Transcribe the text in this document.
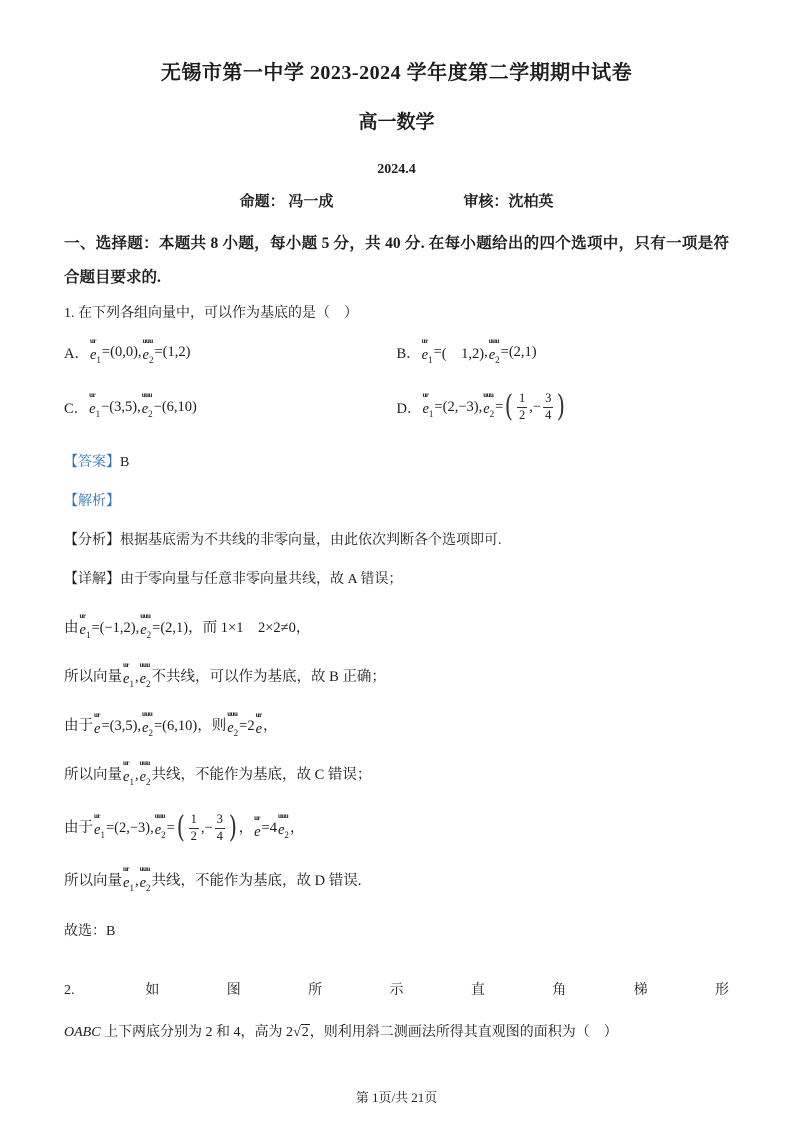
无锡市第一中学 2023-2024 学年度第二学期期中试卷
高一数学
2024.4
命题： 冯一成	审核：沈柏英
一、选择题：本题共 8 小题，每小题 5 分，共 40 分. 在每小题给出的四个选项中，只有一项是符合题目要求的.
1. 在下列各组向量中，可以作为基底的是（　）
A．
ur
$e_1 = (0,0)$ ,
uuu
$e_2 = (1,2)$	B．
ur
$e_1$ = (　1,2) ,
uuu
$e_2 = (2,1)$
C．
ur
$e_1 - (3,5)$ ,
uuu
$e_2 - (6,10)$	D．
ur
$e_1 = (2,-3)$ ,
uuu
$e_2$ = ( $\frac{1}{2}$ ,− $\frac{3}{4}$ )
【答案】B
【解析】
【分析】根据基底需为不共线的非零向量，由此依次判断各个选项即可.
【详解】由于零向量与任意非零向量共线，故 A 错误；
由
ur
$e_1 = (-1,2)$ ,
uuu
$e_2 = (2,1)$ ，而 1×1　2×2≠0，
所以向量
ur
$e_1$ ,
uuu
$e_2$ 不共线，可以作为基底，故 B 正确；
由于
ur
e = (3,5) ,
uuu
$e_2 = (6,10)$ ，则
uuu
$e_2 =2$
ur
e ，
所以向量
ur
$e_1$ ,
uuu
$e_2$ 共线，不能作为基底，故 C 错误；
由于
ur
$e_1 = (2,-3)$ ,
uuu
$e_2$ = ( $\frac{1}{2}$ ,− $\frac{3}{4}$ ) ，
ur
e =4
uuu
$e_2$ ，
所以向量
ur
$e_1$ ,
uuu
$e_2$ 共线，不能作为基底，故 D 错误.
故选：B
2. 如图所示直角梯形OABC 上下两底分别为 2 和 4，高为 2√2，则利用斜二测画法所得其直观图的面积为（　）
第 1页/共 21页
